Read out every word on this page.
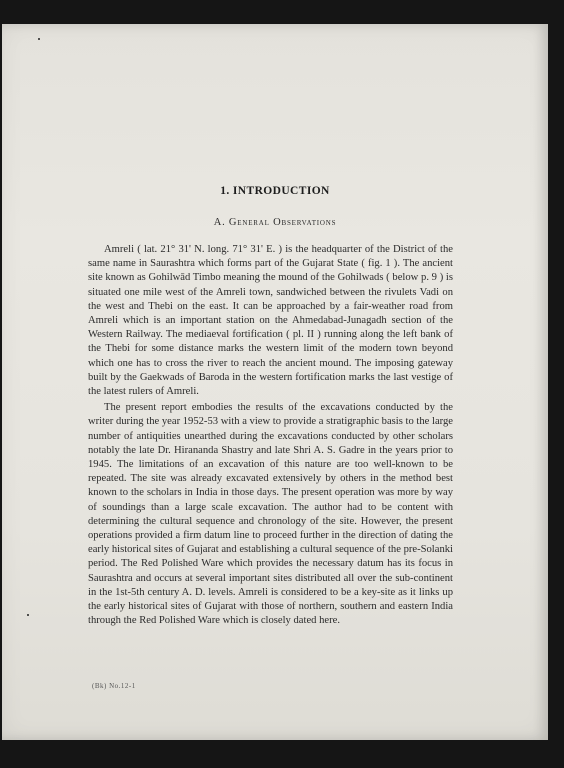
1. INTRODUCTION
A. General Observations

Amreli ( lat. 21° 31' N. long. 71° 31' E. ) is the headquarter of the District of the same name in Saurashtra which forms part of the Gujarat State ( fig. 1 ). The ancient site known as Gohilwād Timbo meaning the mound of the Gohilwads ( below p. 9 ) is situated one mile west of the Amreli town, sandwiched between the rivulets Vadi on the west and Thebi on the east. It can be approached by a fair-weather road from Amreli which is an important station on the Ahmedabad-Junagadh section of the Western Railway. The mediaeval fortification ( pl. II ) running along the left bank of the Thebi for some distance marks the western limit of the modern town beyond which one has to cross the river to reach the ancient mound. The imposing gateway built by the Gaekwads of Baroda in the western fortification marks the last vestige of the latest rulers of Amreli.

The present report embodies the results of the excavations conducted by the writer during the year 1952-53 with a view to provide a stratigraphic basis to the large number of antiquities unearthed during the excavations conducted by other scholars notably the late Dr. Hirananda Shastry and late Shri A. S. Gadre in the years prior to 1945. The limitations of an excavation of this nature are too well-known to be repeated. The site was already excavated extensively by others in the method best known to the scholars in India in those days. The present operation was more by way of soundings than a large scale excavation. The author had to be content with determining the cultural sequence and chronology of the site. However, the present operations provided a firm datum line to proceed further in the direction of dating the early historical sites of Gujarat and establishing a cultural sequence of the pre-Solanki period. The Red Polished Ware which provides the necessary datum has its focus in Saurashtra and occurs at several important sites distributed all over the sub-continent in the 1st-5th century A. D. levels. Amreli is considered to be a key-site as it links up the early historical sites of Gujarat with those of northern, southern and eastern India through the Red Polished Ware which is closely dated here.

(Bk) No.12-1
